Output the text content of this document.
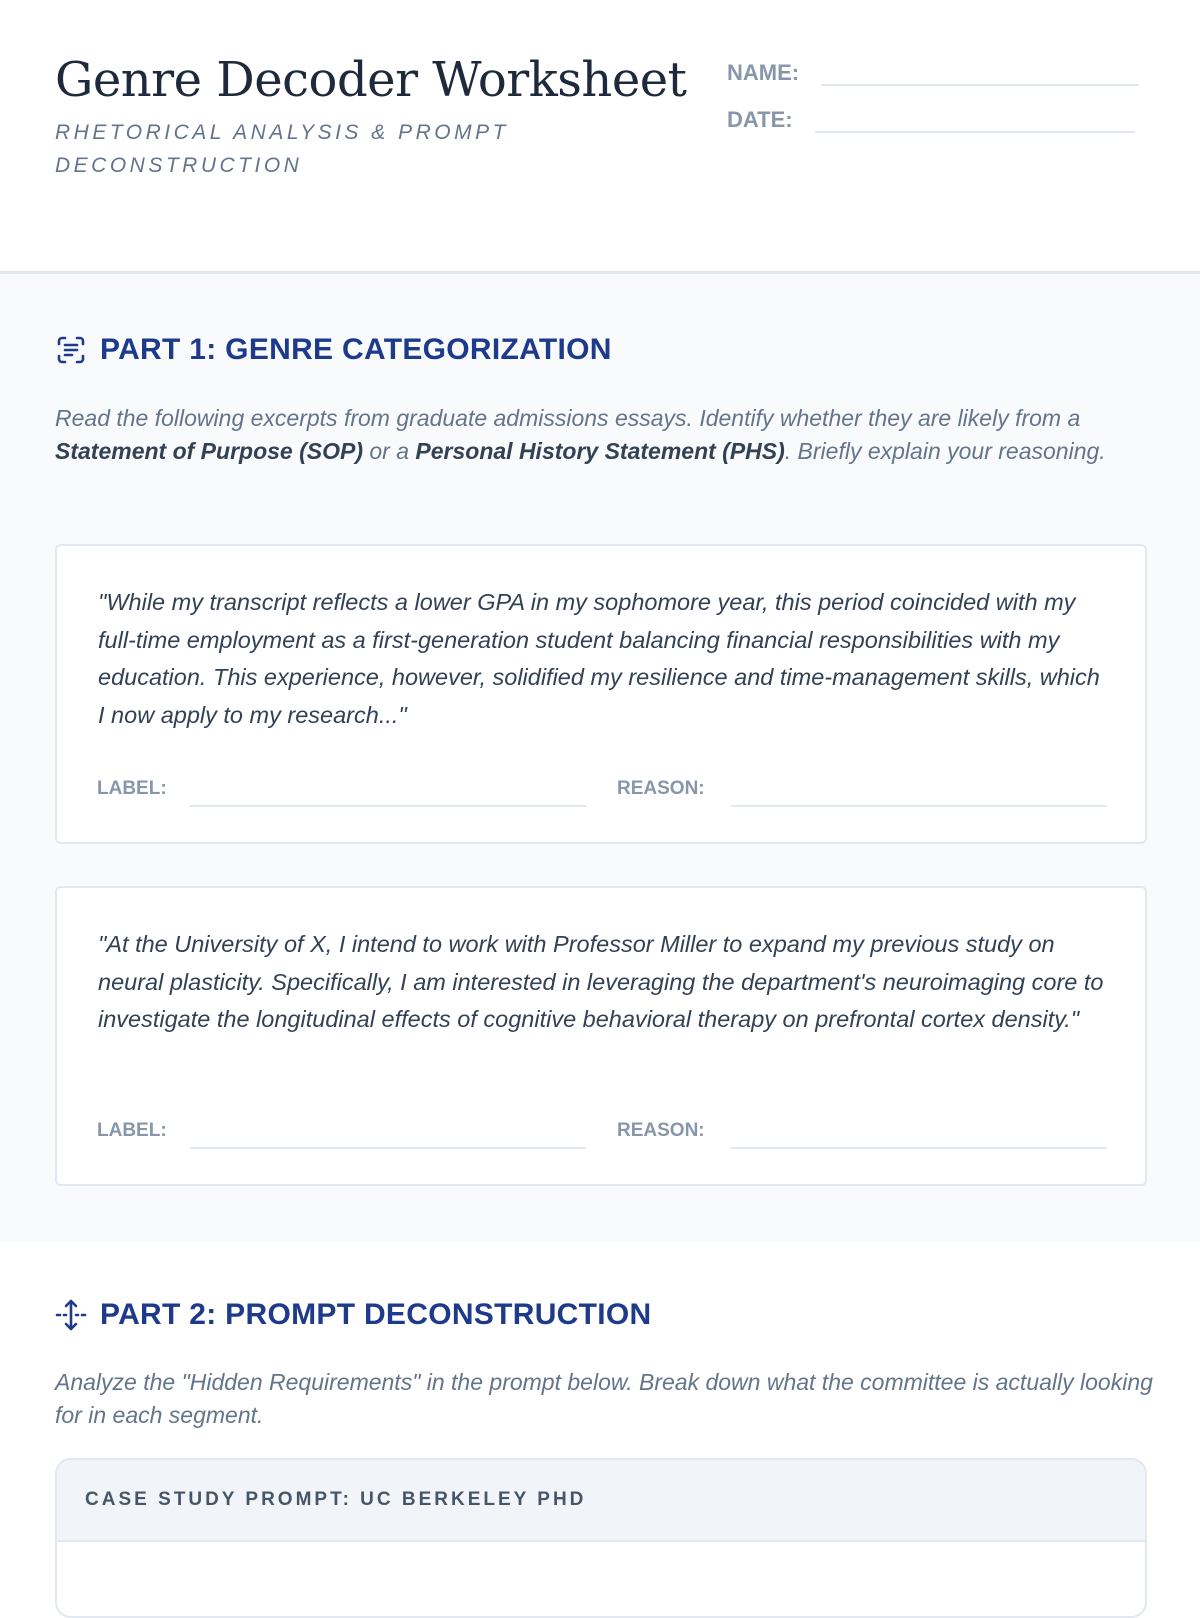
Genre Decoder Worksheet

RHETORICAL ANALYSIS & PROMPT DECONSTRUCTION

NAME:
DATE:
PART 1: GENRE CATEGORIZATION

Read the following excerpts from graduate admissions essays. Identify whether they are likely from a Statement of Purpose (SOP) or a Personal History Statement (PHS). Briefly explain your reasoning.

"While my transcript reflects a lower GPA in my sophomore year, this period coincided with my full-time employment as a first-generation student balancing financial responsibilities with my education. This experience, however, solidified my resilience and time-management skills, which I now apply to my research..."

LABEL:	REASON:

"At the University of X, I intend to work with Professor Miller to expand my previous study on neural plasticity. Specifically, I am interested in leveraging the department's neuroimaging core to investigate the longitudinal effects of cognitive behavioral therapy on prefrontal cortex density."

LABEL:	REASON:
PART 2: PROMPT DECONSTRUCTION

Analyze the "Hidden Requirements" in the prompt below. Break down what the committee is actually looking for in each segment.

CASE STUDY PROMPT: UC BERKELEY PHD
